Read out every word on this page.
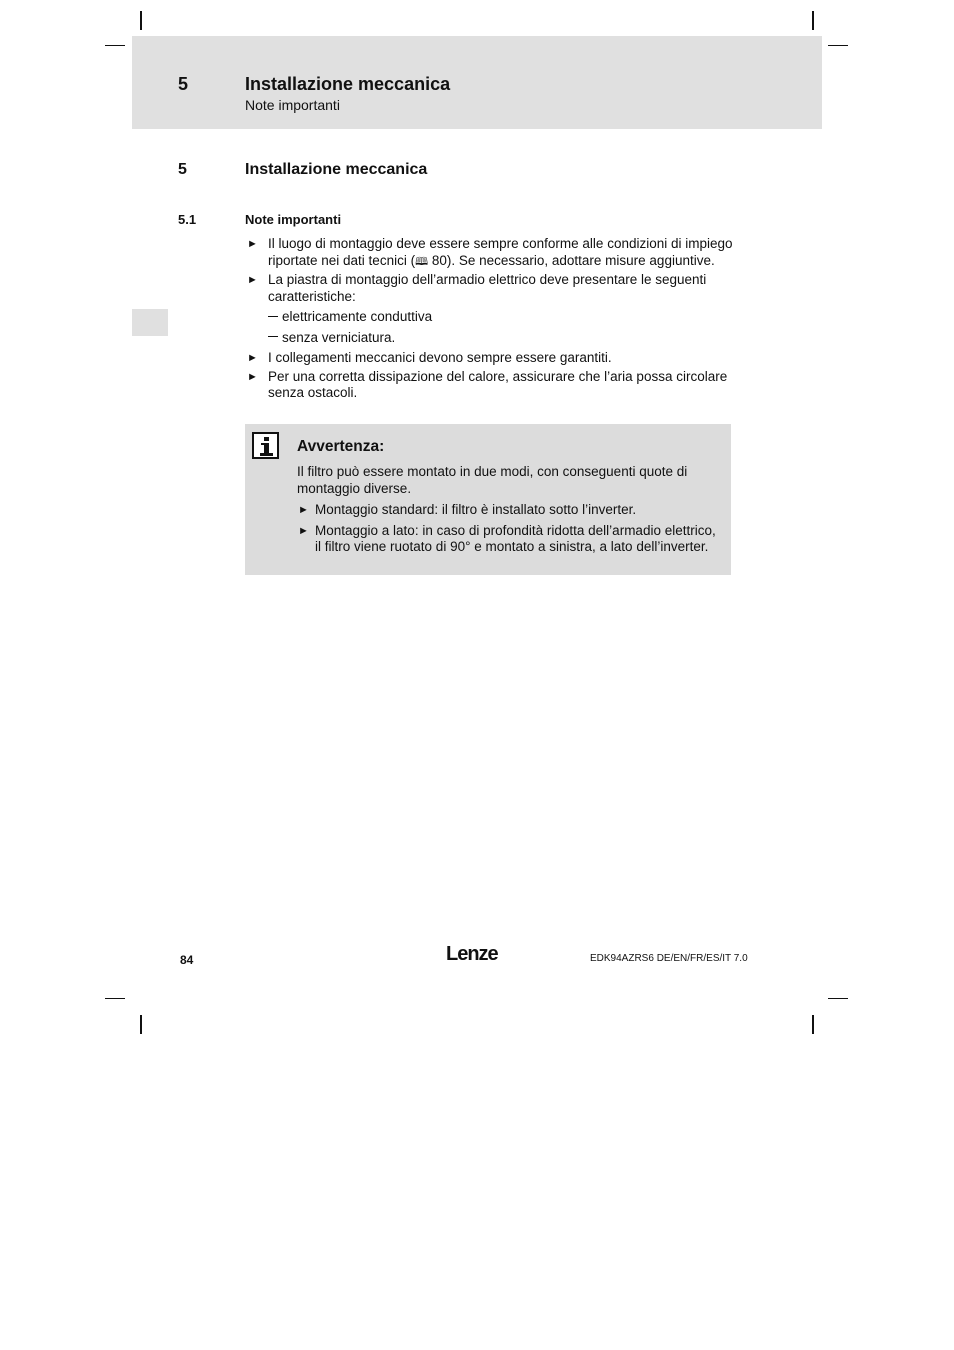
5	Installazione meccanica
Note importanti
5	Installazione meccanica
5.1	Note importanti
► Il luogo di montaggio deve essere sempre conforme alle condizioni di impiego riportate nei dati tecnici (🕮 80). Se necessario, adottare misure aggiuntive.
► La piastra di montaggio dell’armadio elettrico deve presentare le seguenti caratteristiche:
elettricamente conduttiva
senza verniciatura.
► I collegamenti meccanici devono sempre essere garantiti.
► Per una corretta dissipazione del calore, assicurare che l’aria possa circolare senza ostacoli.
Avvertenza:
Il filtro può essere montato in due modi, con conseguenti quote di montaggio diverse.
► Montaggio standard: il filtro è installato sotto l’inverter.
► Montaggio a lato: in caso di profondità ridotta dell’armadio elettrico, il filtro viene ruotato di 90° e montato a sinistra, a lato dell’inverter.
84	Lenze	EDK94AZRS6 DE/EN/FR/ES/IT 7.0
